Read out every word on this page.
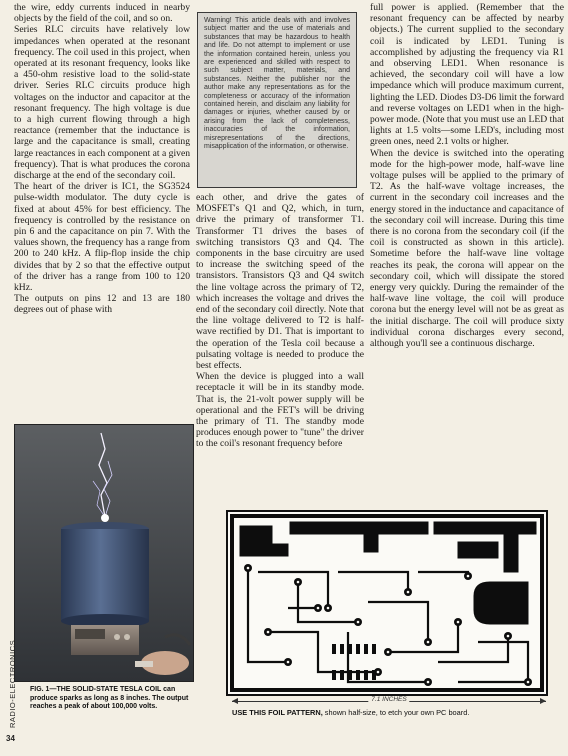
the wire, eddy currents induced in nearby objects by the field of the coil, and so on.
Series RLC circuits have relatively low impedances when operated at the resonant frequency. The coil used in this project, when operated at its resonant frequency, looks like a 450-ohm resistive load to the solid-state driver. Series RLC circuits produce high voltages on the inductor and capacitor at the resonant frequency. The high voltage is due to a high current flowing through a high reactance (remember that the inductance is large and the capacitance is small, creating large reactances in each component at a given frequency). That is what produces the corona discharge at the end of the secondary coil.
The heart of the driver is IC1, the SG3524 pulse-width modulator. The duty cycle is fixed at about 45% for best efficiency. The frequency is controlled by the resistance on pin 6 and the capacitance on pin 7. With the values shown, the frequency has a range from 200 to 240 kHz. A flip-flop inside the chip divides that by 2 so that the effective output of the driver has a range from 100 to 120 kHz.
The outputs on pins 12 and 13 are 180 degrees out of phase with
Warning! This article deals with and involves subject matter and the use of materials and substances that may be hazardous to health and life. Do not attempt to implement or use the information contained herein, unless you are experienced and skilled with respect to such subject matter, materials, and substances. Neither the publisher nor the author make any representations as for the completeness or accuracy of the information contained herein, and disclaim any liability for damages or injuries, whether caused by or arising from the lack of completeness, inaccuracies of the information, misrepresentations of the directions, misapplication of the information, or otherwise.
each other, and drive the gates of MOSFET's Q1 and Q2, which, in turn, drive the primary of transformer T1. Transformer T1 drives the bases of switching transistors Q3 and Q4. The components in the base circuitry are used to increase the switching speed of the transistors. Transistors Q3 and Q4 switch the line voltage across the primary of T2, which increases the voltage and drives the end of the secondary coil directly. Note that the line voltage delivered to T2 is half-wave rectified by D1. That is important to the operation of the Tesla coil because a pulsating voltage is needed to produce the best effects.
When the device is plugged into a wall receptacle it will be in its standby mode. That is, the 21-volt power supply will be operational and the FET's will be driving the primary of T1. The standby mode produces enough power to "tune" the driver to the coil's resonant frequency before
full power is applied. (Remember that the resonant frequency can be affected by nearby objects.) The current supplied to the secondary coil is indicated by LED1. Tuning is accomplished by adjusting the frequency via R1 and observing LED1. When resonance is achieved, the secondary coil will have a low impedance which will produce maximum current, lighting the LED. Diodes D3-D6 limit the forward and reverse voltages on LED1 when in the high-power mode. (Note that you must use an LED that lights at 1.5 volts—some LED's, including most green ones, need 2.1 volts or higher.
When the device is switched into the operating mode for the high-power mode, half-wave line voltage pulses will be applied to the primary of T2. As the half-wave voltage increases, the current in the secondary coil increases and the energy stored in the inductance and capacitance of the secondary coil will increase. During this time there is no corona from the secondary coil (if the coil is constructed as shown in this article). Sometime before the half-wave line voltage reaches its peak, the corona will appear on the secondary coil, which will dissipate the stored energy very quickly. During the remainder of the half-wave line voltage, the coil will produce corona but the energy level will not be as great as the initial discharge. The coil will produce sixty individual corona discharges every second, although you'll see a continuous discharge.
FIG. 1—THE SOLID-STATE TESLA COIL can produce sparks as long as 8 inches. The output reaches a peak of about 100,000 volts.
RADIO-ELECTRONICS
34
7.1 INCHES
USE THIS FOIL PATTERN, shown half-size, to etch your own PC board.
